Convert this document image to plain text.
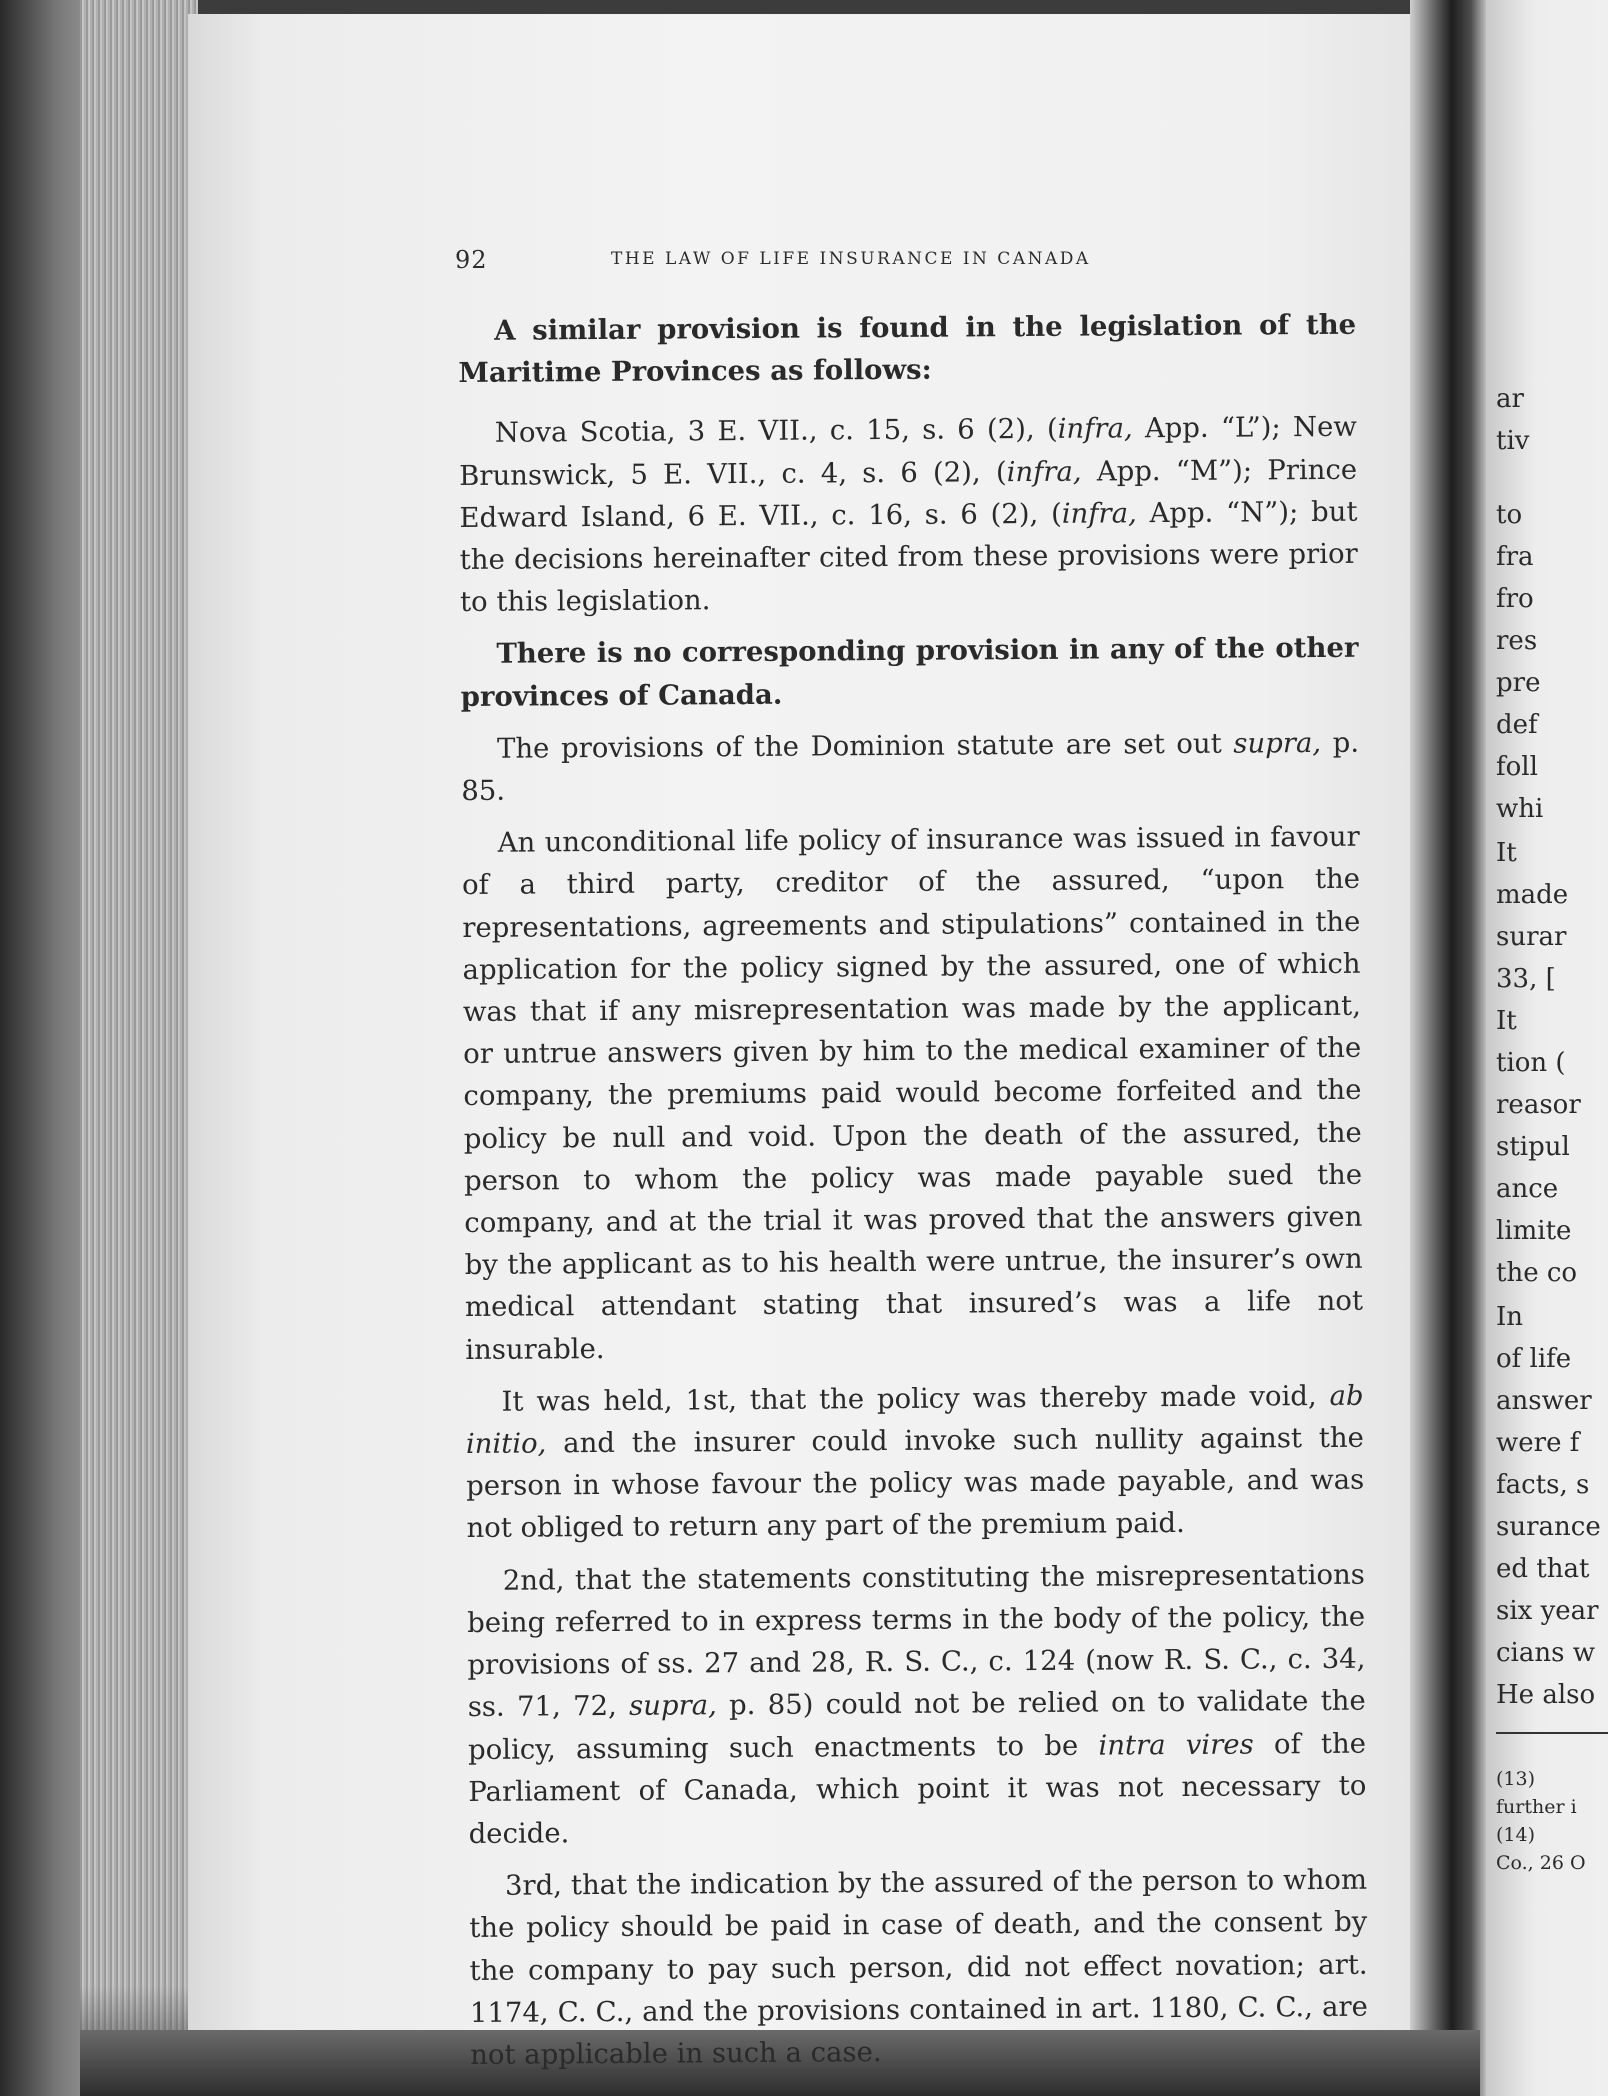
92	THE LAW OF LIFE INSURANCE IN CANADA

A similar provision is found in the legislation of the Maritime Provinces as follows:

Nova Scotia, 3 E. VII., c. 15, s. 6 (2), (infra, App. “L”); New Brunswick, 5 E. VII., c. 4, s. 6 (2), (infra, App. “M”); Prince Edward Island, 6 E. VII., c. 16, s. 6 (2), (infra, App. “N”); but the decisions hereinafter cited from these provisions were prior to this legislation.

There is no corresponding provision in any of the other provinces of Canada.

The provisions of the Dominion statute are set out supra, p. 85.

An unconditional life policy of insurance was issued in favour of a third party, creditor of the assured, “upon the representations, agreements and stipulations” contained in the application for the policy signed by the assured, one of which was that if any misrepresentation was made by the applicant, or untrue answers given by him to the medical examiner of the company, the premiums paid would become forfeited and the policy be null and void. Upon the death of the assured, the person to whom the policy was made payable sued the company, and at the trial it was proved that the answers given by the applicant as to his health were untrue, the insurer’s own medical attendant stating that insured’s was a life not insurable.

It was held, 1st, that the policy was thereby made void, ab initio, and the insurer could invoke such nullity against the person in whose favour the policy was made payable, and was not obliged to return any part of the premium paid.

2nd, that the statements constituting the misrepresentations being referred to in express terms in the body of the policy, the provisions of ss. 27 and 28, R. S. C., c. 124 (now R. S. C., c. 34, ss. 71, 72, supra, p. 85) could not be relied on to validate the policy, assuming such enactments to be intra vires of the Parliament of Canada, which point it was not necessary to decide.

3rd, that the indication by the assured of the person to whom the policy should be paid in case of death, and the consent by the company to pay such person, did not effect novation; art. 1174, C. C., and the provisions contained in art. 1180, C. C., are not applicable in such a case.

ar
tiv
to
fra
fro
res
pre
def
foll
whi
It
made
surar
33, [
It
tion (
reasor
stipul
ance
limite
the co
In
of life
answer
were f
facts, s
surance
ed that
six year
cians w
He also
(13)
further i
(14)
Co., 26 O
